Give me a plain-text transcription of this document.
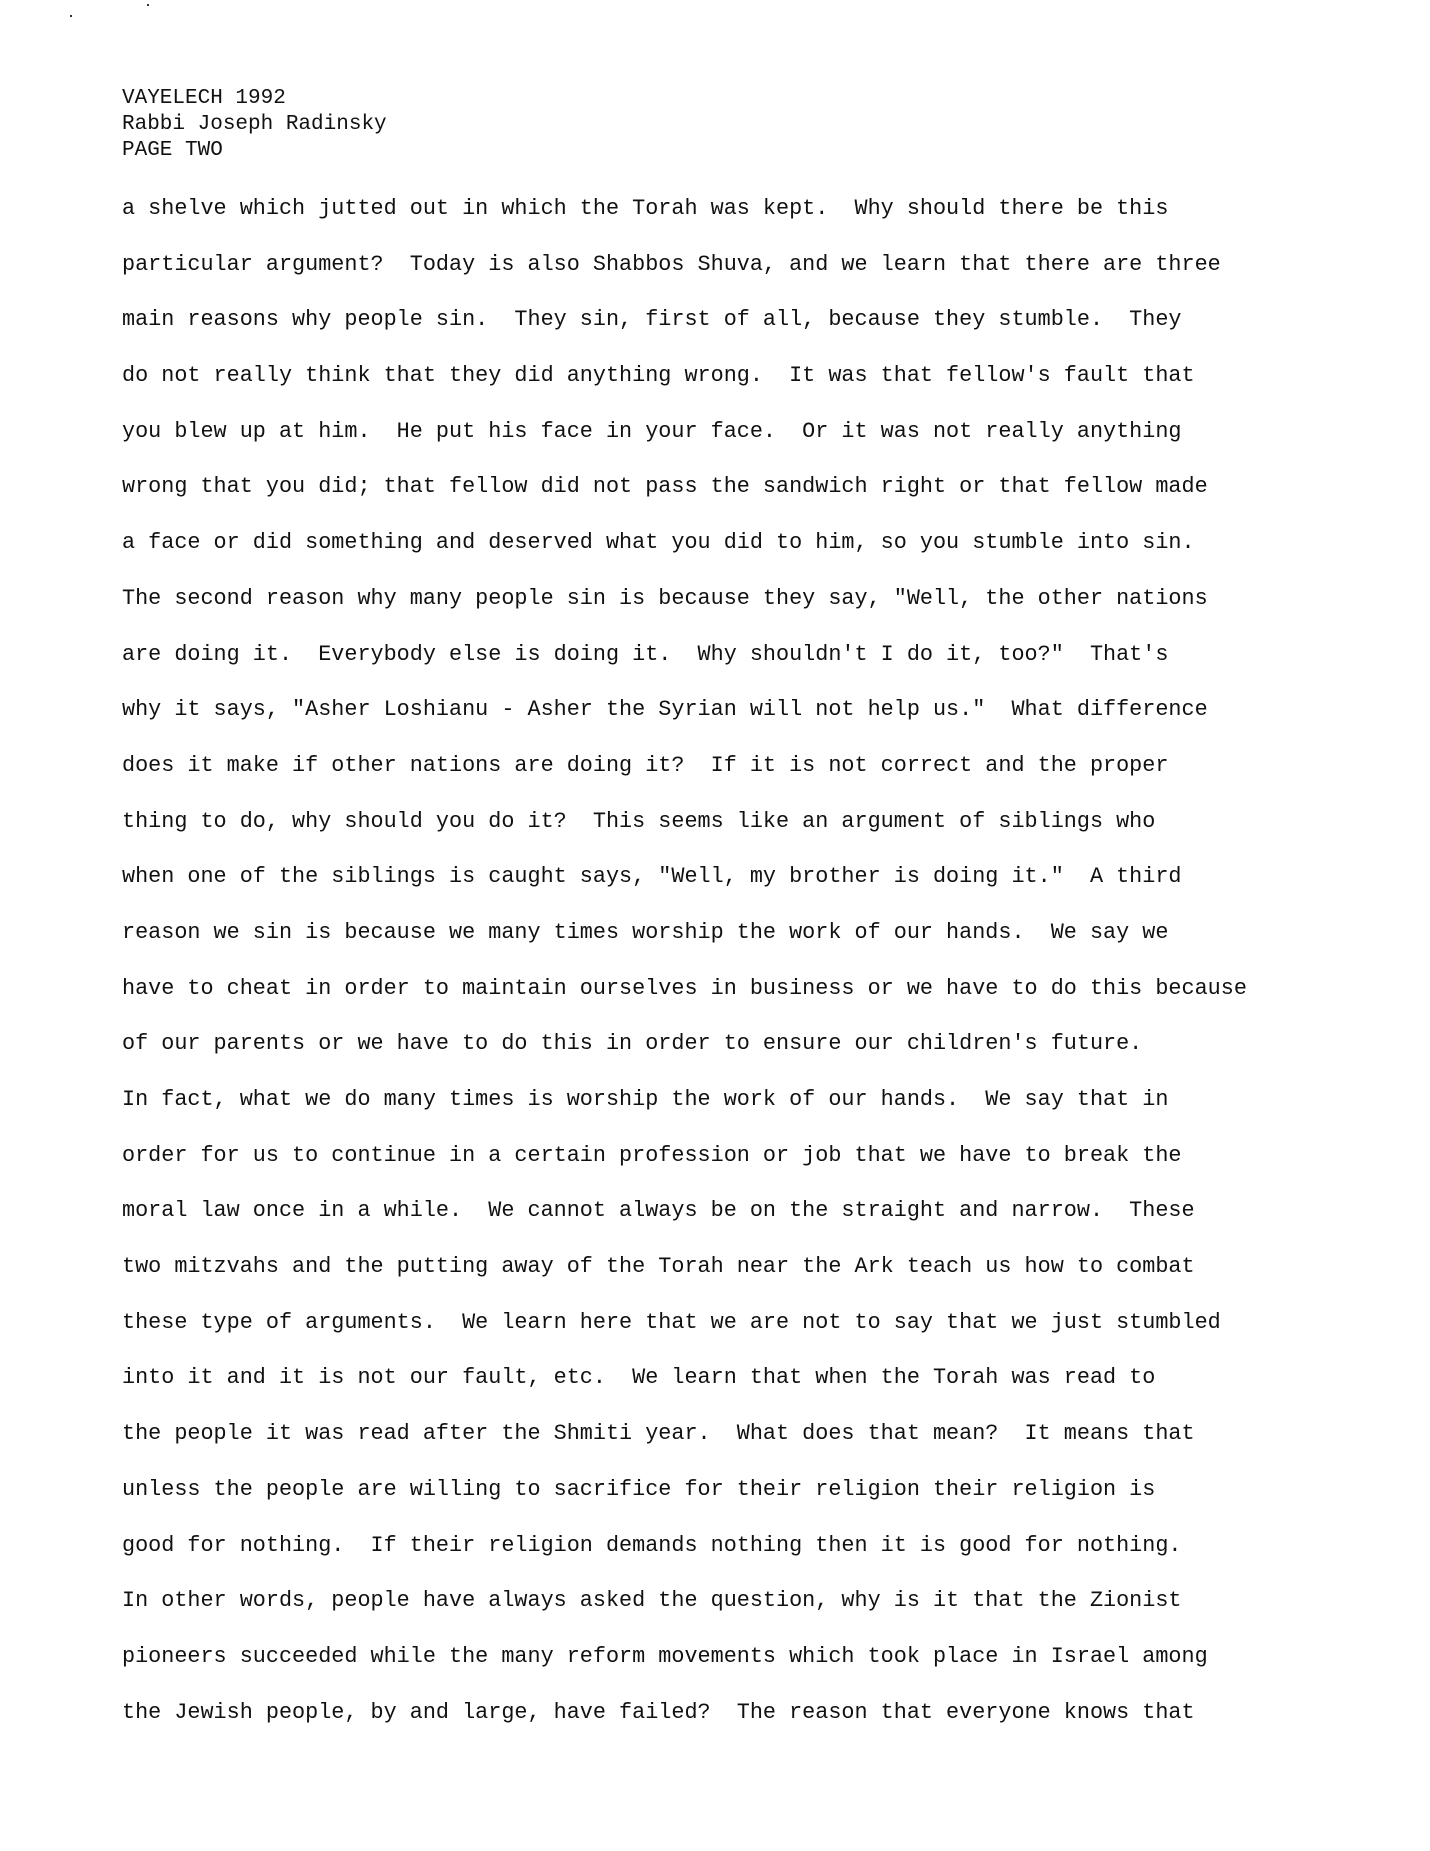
VAYELECH 1992
Rabbi Joseph Radinsky
PAGE TWO
a shelve which jutted out in which the Torah was kept.  Why should there be this
particular argument?  Today is also Shabbos Shuva, and we learn that there are three
main reasons why people sin.  They sin, first of all, because they stumble.  They
do not really think that they did anything wrong.  It was that fellow's fault that
you blew up at him.  He put his face in your face.  Or it was not really anything
wrong that you did; that fellow did not pass the sandwich right or that fellow made
a face or did something and deserved what you did to him, so you stumble into sin.
The second reason why many people sin is because they say, "Well, the other nations
are doing it.  Everybody else is doing it.  Why shouldn't I do it, too?"  That's
why it says, "Asher Loshianu - Asher the Syrian will not help us."  What difference
does it make if other nations are doing it?  If it is not correct and the proper
thing to do, why should you do it?  This seems like an argument of siblings who
when one of the siblings is caught says, "Well, my brother is doing it."  A third
reason we sin is because we many times worship the work of our hands.  We say we
have to cheat in order to maintain ourselves in business or we have to do this because
of our parents or we have to do this in order to ensure our children's future.
In fact, what we do many times is worship the work of our hands.  We say that in
order for us to continue in a certain profession or job that we have to break the
moral law once in a while.  We cannot always be on the straight and narrow.  These
two mitzvahs and the putting away of the Torah near the Ark teach us how to combat
these type of arguments.  We learn here that we are not to say that we just stumbled
into it and it is not our fault, etc.  We learn that when the Torah was read to
the people it was read after the Shmiti year.  What does that mean?  It means that
unless the people are willing to sacrifice for their religion their religion is
good for nothing.  If their religion demands nothing then it is good for nothing.
In other words, people have always asked the question, why is it that the Zionist
pioneers succeeded while the many reform movements which took place in Israel among
the Jewish people, by and large, have failed?  The reason that everyone knows that
